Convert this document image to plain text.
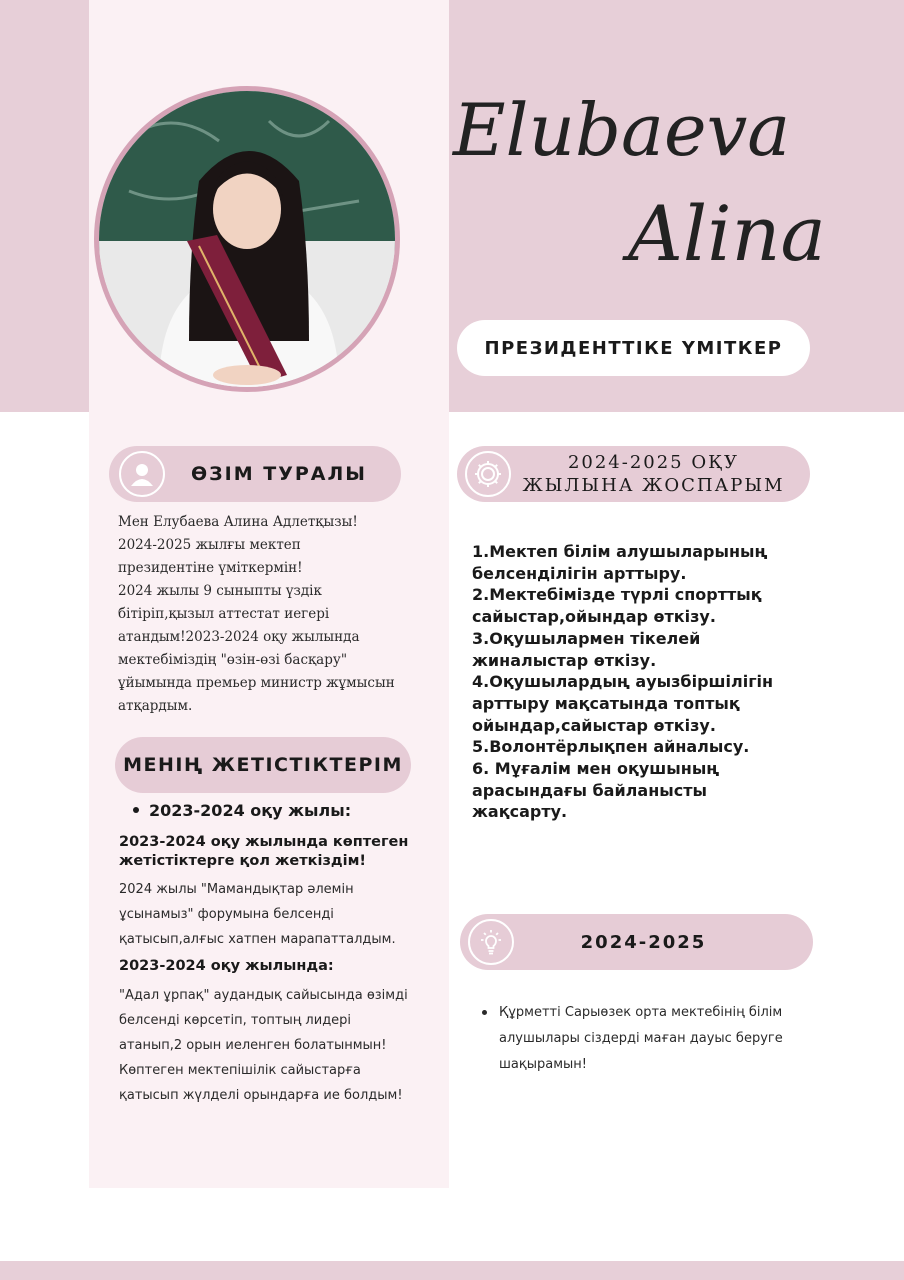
Elubaeva
Alina
ПРЕЗИДЕНТТІКЕ ҮМІТКЕР
ӨЗІМ ТУРАЛЫ
Мен Елубаева Алина Адлетқызы!
2024-2025 жылғы мектеп
президентіне үміткермін!
2024 жылы 9 сыныпты үздік
бітіріп,қызыл аттестат иегері
атандым!2023-2024 оқу жылында
мектебіміздің "өзін-өзі басқару"
ұйымында премьер министр жұмысын
атқардым.
МЕНІҢ ЖЕТІСТІКТЕРІМ
2023-2024 оқу жылы:
2023-2024 оқу жылында көптеген
жетістіктерге қол жеткіздім!
2024 жылы "Мамандықтар әлемін
ұсынамыз" форумына белсенді
қатысып,алғыс хатпен марапатталдым.
2023-2024 оқу жылында:
"Адал ұрпақ" аудандық сайысында өзімді
белсенді көрсетіп, топтың лидері
атанып,2 орын иеленген болатынмын!
Көптеген мектепішілік сайыстарға
қатысып жүлделі орындарға ие болдым!
2024-2025 ОҚУ
ЖЫЛЫНА ЖОСПАРЫМ
1.Мектеп білім алушыларының
белсенділігін арттыру.
2.Мектебімізде түрлі спорттық
сайыстар,ойындар өткізу.
3.Оқушылармен тікелей
жиналыстар өткізу.
4.Оқушылардың ауызбіршілігін
арттыру мақсатында топтық
ойындар,сайыстар өткізу.
5.Волонтёрлықпен айналысу.
6. Мұғалім мен оқушының
арасындағы байланысты
жақсарту.
2024-2025
Құрметті Сарыөзек орта мектебінің білім
алушылары сіздерді маған дауыс беруге
шақырамын!
